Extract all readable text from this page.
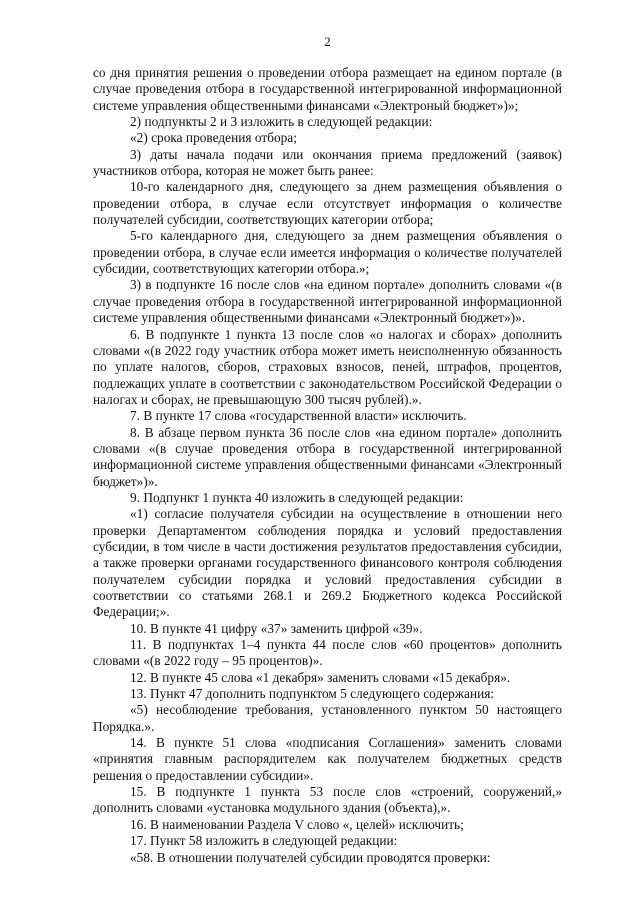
2

со дня принятия решения о проведении отбора размещает на едином портале (в случае проведения отбора в государственной интегрированной информационной системе управления общественными финансами «Электроный бюджет»)»;

2) подпункты 2 и 3 изложить в следующей редакции:

«2) срока проведения отбора;

3) даты начала подачи или окончания приема предложений (заявок) участников отбора, которая не может быть ранее:

10-го календарного дня, следующего за днем размещения объявления о проведении отбора, в случае если отсутствует информация о количестве получателей субсидии, соответствующих категории отбора;

5-го календарного дня, следующего за днем размещения объявления о проведении отбора, в случае если имеется информация о количестве получателей субсидии, соответствующих категории отбора.»;

3) в подпункте 16 после слов «на едином портале» дополнить словами «(в случае проведения отбора в государственной интегрированной информационной системе управления общественными финансами «Электронный бюджет»)».

6. В подпункте 1 пункта 13 после слов «о налогах и сборах» дополнить словами «(в 2022 году участник отбора может иметь неисполненную обязанность по уплате налогов, сборов, страховых взносов, пеней, штрафов, процентов, подлежащих уплате в соответствии с законодательством Российской Федерации о налогах и сборах, не превышающую 300 тысяч рублей).».

7. В пункте 17 слова «государственной власти» исключить.

8. В абзаце первом пункта 36 после слов «на едином портале» дополнить словами «(в случае проведения отбора в государственной интегрированной информационной системе управления общественными финансами «Электронный бюджет»)».

9. Подпункт 1 пункта 40 изложить в следующей редакции:

«1) согласие получателя субсидии на осуществление в отношении него проверки Департаментом соблюдения порядка и условий предоставления субсидии, в том числе в части достижения результатов предоставления субсидии, а также проверки органами государственного финансового контроля соблюдения получателем субсидии порядка и условий предоставления субсидии в соответствии со статьями 268.1 и 269.2 Бюджетного кодекса Российской Федерации;».

10. В пункте 41 цифру «37» заменить цифрой «39».

11. В подпунктах 1–4 пункта 44 после слов «60 процентов» дополнить словами «(в 2022 году – 95 процентов)».

12. В пункте 45 слова «1 декабря» заменить словами «15 декабря».

13. Пункт 47 дополнить подпунктом 5 следующего содержания:

«5) несоблюдение требования, установленного пунктом 50 настоящего Порядка.».

14. В пункте 51 слова «подписания Соглашения» заменить словами «принятия главным распорядителем как получателем бюджетных средств решения о предоставлении субсидии».

15. В подпункте 1 пункта 53 после слов «строений, сооружений,» дополнить словами «установка модульного здания (объекта),».

16. В наименовании Раздела V слово «, целей» исключить;

17. Пункт 58 изложить в следующей редакции:

«58. В отношении получателей субсидии проводятся проверки:
